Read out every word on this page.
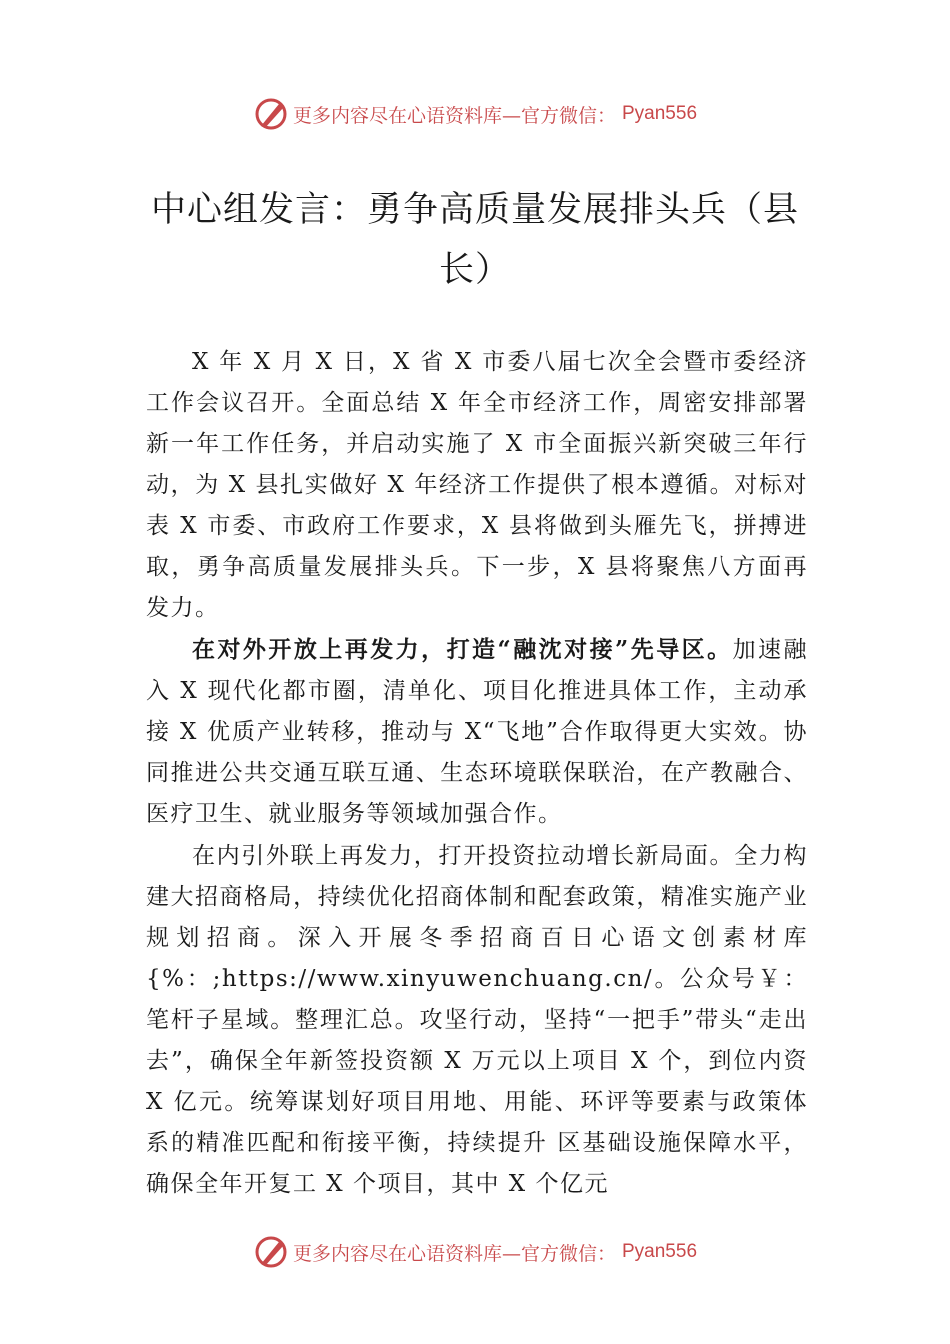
更多内容尽在心语资料库—官方微信： Pyan556
中心组发言：勇争高质量发展排头兵（县长）

X 年 X 月 X 日，X 省 X 市委八届七次全会暨市委经济工作会议召开。全面总结 X 年全市经济工作，周密安排部署新一年工作任务，并启动实施了 X 市全面振兴新突破三年行动，为 X 县扎实做好 X 年经济工作提供了根本遵循。对标对表 X 市委、市政府工作要求，X 县将做到头雁先飞，拼搏进取，勇争高质量发展排头兵。下一步，X 县将聚焦八方面再发力。

在对外开放上再发力，打造“融沈对接”先导区。加速融入 X 现代化都市圈，清单化、项目化推进具体工作，主动承接 X 优质产业转移，推动与 X“飞地”合作取得更大实效。协同推进公共交通互联互通、生态环境联保联治，在产教融合、医疗卫生、就业服务等领域加强合作。

在内引外联上再发力，打开投资拉动增长新局面。全力构建大招商格局，持续优化招商体制和配套政策，精准实施产业规划招商。深入开展冬季招商百日心语文创素材库{%：;https://www.xinyuwenchuang.cn/。公众号￥：笔杆子星域。整理汇总。攻坚行动，坚持“一把手”带头“走出去”，确保全年新签投资额 X 万元以上项目 X 个，到位内资 X 亿元。统筹谋划好项目用地、用能、环评等要素与政策体系的精准匹配和衔接平衡，持续提升 区基础设施保障水平，确保全年开复工 X 个项目，其中 X 个亿元

更多内容尽在心语资料库—官方微信： Pyan556
